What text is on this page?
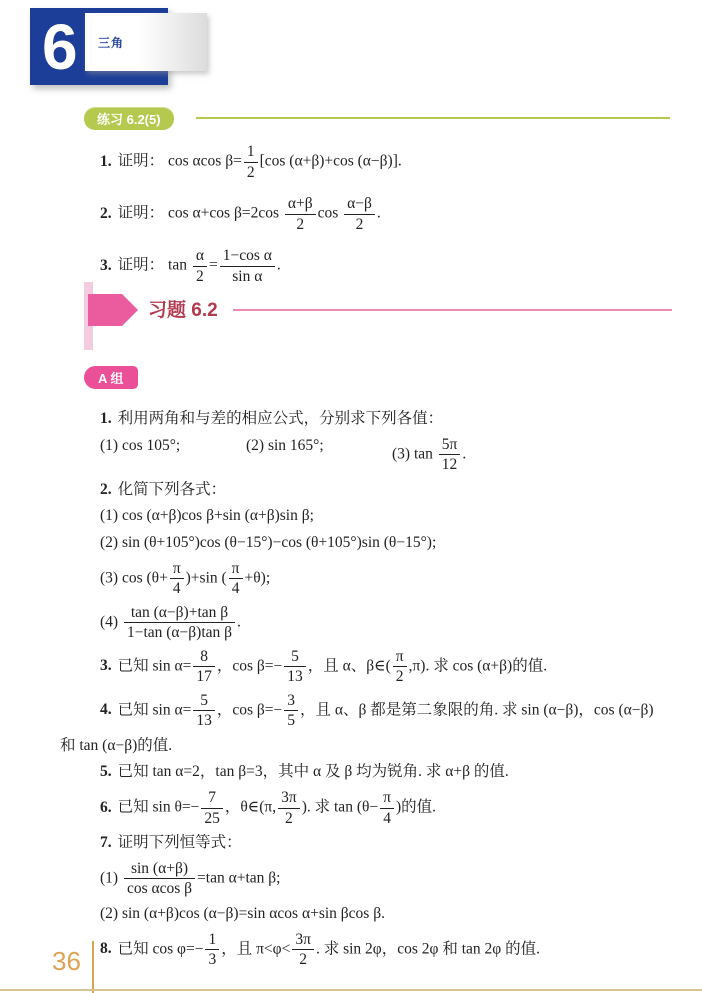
6 三角
练习 6.2(5)
1. 证明： cos αcos $\beta= \frac{1}{2} [\cos$ (α+β)+cos (α−β)].
2. 证明： cos α+cos $\beta=2\cos \frac{\alpha+\beta}{2}$ $\cos \frac{\alpha-\beta}{2}$ .
3. 证明： $\tan \frac{\alpha}{2} = \frac{\text{1−cos α}}{\text{sin α}}$ .
习题 6.2
A 组
1. 利用两角和与差的相应公式，分别求下列各值：
(1) cos 105°;	(2) sin 165°;
(3) $\tan \frac{5\pi}{12}$ .
2. 化简下列各式：
(1) cos (α+β)cos β+sin (α+β)sin β;
(2) sin (θ+105°)cos (θ−15°)−cos (θ+105°)sin (θ−15°);
(3) $\cos (\theta+ \frac{\pi}{4} )+\sin$ ( $\frac{\pi}{4} +\theta$);
$(4) \frac{\text{tan (α−β)+tan β}}{\text{1−tan (α−β)tan β}}$ .
3. 已知 $\sin \alpha= \frac{8}{17}$ ，$\cos \beta=- \frac{5}{13}$ ，且 α、β∈( $\frac{\pi}{2} ,\pi$). 求 cos (α+β)的值.
4. 已知 $\sin \alpha= \frac{5}{13}$ ，$\cos \beta=- \frac{3}{5}$ ，且 α、β 都是第二象限的角. 求 sin (α−β)，cos (α−β)
和 tan (α−β)的值.
5. 已知 tan α=2，tan β=3，其中 α 及 β 均为锐角. 求 α+β 的值.
6. 已知 $\sin \theta=- \frac{7}{25}$ ，θ∈(π, $\frac{3\pi}{2}$ ). 求 $\tan (\theta- \frac{\pi}{4}$ )的值.
7. 证明下列恒等式：
$(1) \frac{\sin (\alpha+\beta)}{\text{cos αcos β}} =\tan$ α+tan β;
(2) sin (α+β)cos (α−β)=sin αcos α+sin βcos β.
8. 已知 $\cos \varphi=- \frac{1}{3}$ ，且 $\pi<\varphi< \frac{3\pi}{2}$ . 求 sin 2φ，cos 2φ 和 tan 2φ 的值.
36
